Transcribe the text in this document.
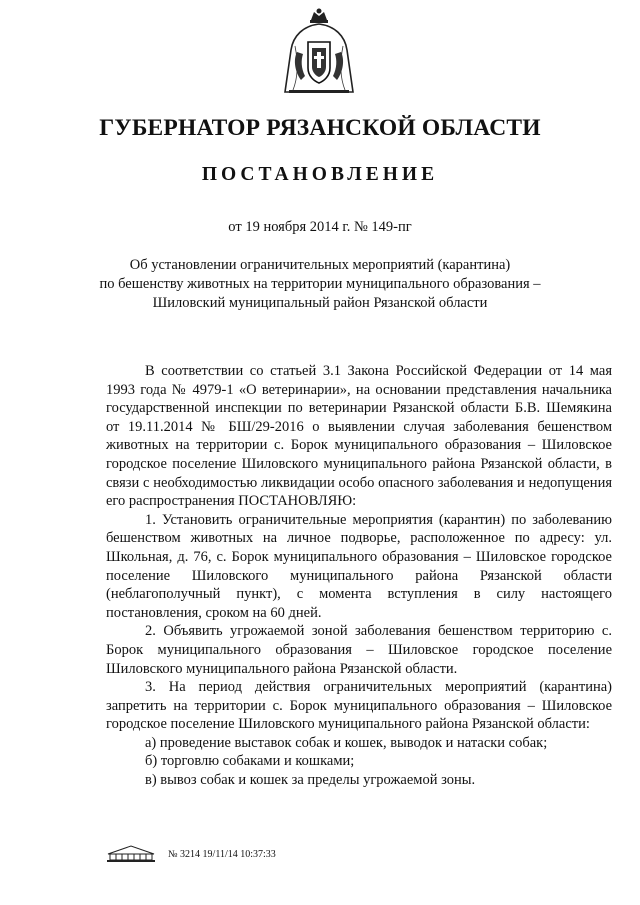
ГУБЕРНАТОР РЯЗАНСКОЙ ОБЛАСТИ
ПОСТАНОВЛЕНИЕ

от 19 ноября 2014 г. № 149-пг

Об установлении ограничительных мероприятий (карантина)
по бешенству животных на территории муниципального образования –
Шиловский муниципальный район Рязанской области

В соответствии со статьей 3.1 Закона Российской Федерации от 14 мая 1993 года № 4979-1 «О ветеринарии», на основании представления начальника государственной инспекции по ветеринарии Рязанской области Б.В. Шемякина от 19.11.2014 № БШ/29-2016 о выявлении случая заболевания бешенством животных на территории с. Борок муниципального образования – Шиловское городское поселение Шиловского муниципального района Рязанской области, в связи с необходимостью ликвидации особо опасного заболевания и недопущения его распространения ПОСТАНОВЛЯЮ:

1. Установить ограничительные мероприятия (карантин) по заболеванию бешенством животных на личное подворье, расположенное по адресу: ул. Школьная, д. 76, с. Борок муниципального образования – Шиловское городское поселение Шиловского муниципального района Рязанской области (неблагополучный пункт), с момента вступления в силу настоящего постановления, сроком на 60 дней.

2. Объявить угрожаемой зоной заболевания бешенством территорию с. Борок муниципального образования – Шиловское городское поселение Шиловского муниципального района Рязанской области.

3. На период действия ограничительных мероприятий (карантина) запретить на территории с. Борок муниципального образования – Шиловское городское поселение Шиловского муниципального района Рязанской области:

а) проведение выставок собак и кошек, выводок и натаски собак;

б) торговлю собаками и кошками;

в) вывоз собак и кошек за пределы угрожаемой зоны.

№ 3214 19/11/14 10:37:33
